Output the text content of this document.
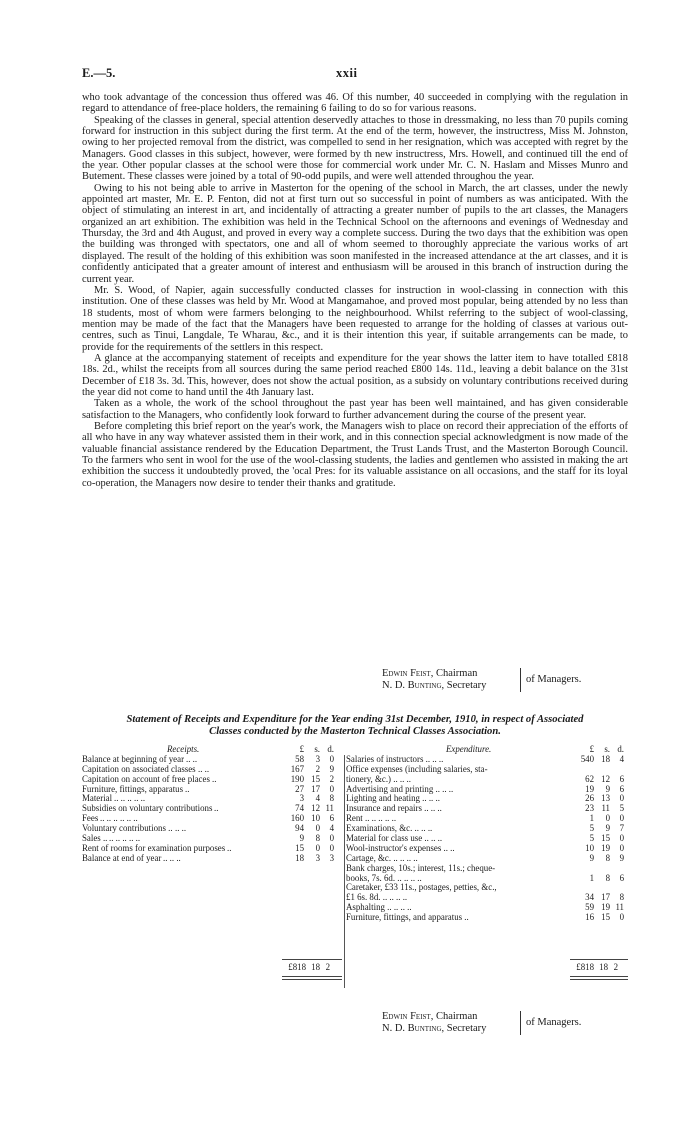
E.—5.	xxii

who took advantage of the concession thus offered was 46. Of this number, 40 succeeded in complying with the regulation in regard to attendance of free-place holders, the remaining 6 failing to do so for various reasons.

Speaking of the classes in general, special attention deservedly attaches to those in dressmaking, no less than 70 pupils coming forward for instruction in this subject during the first term. At the end of the term, however, the instructress, Miss M. Johnston, owing to her projected removal from the district, was compelled to send in her resignation, which was accepted with regret by the Managers. Good classes in this subject, however, were formed by th new instructress, Mrs. Howell, and continued till the end of the year. Other popular classes at the school were those for commercial work under Mr. C. N. Haslam and Misses Munro and Butement. These classes were joined by a total of 90-odd pupils, and were well attended throughou the year.

Owing to his not being able to arrive in Masterton for the opening of the school in March, the art classes, under the newly appointed art master, Mr. E. P. Fenton, did not at first turn out so successful in point of numbers as was anticipated. With the object of stimulating an interest in art, and incidentally of attracting a greater number of pupils to the art classes, the Managers organized an art exhibition. The exhibition was held in the Technical School on the afternoons and evenings of Wednesday and Thursday, the 3rd and 4th August, and proved in every way a complete success. During the two days that the exhibition was open the building was thronged with spectators, one and all of whom seemed to thoroughly appreciate the various works of art displayed. The result of the holding of this exhibition was soon manifested in the increased attendance at the art classes, and it is confidently anticipated that a greater amount of interest and enthusiasm will be aroused in this branch of instruction during the current year.

Mr. S. Wood, of Napier, again successfully conducted classes for instruction in wool-classing in connection with this institution. One of these classes was held by Mr. Wood at Mangamahoe, and proved most popular, being attended by no less than 18 students, most of whom were farmers belonging to the neighbourhood. Whilst referring to the subject of wool-classing, mention may be made of the fact that the Managers have been requested to arrange for the holding of classes at various out-centres, such as Tinui, Langdale, Te Wharau, &c., and it is their intention this year, if suitable arrangements can be made, to provide for the requirements of the settlers in this respect.

A glance at the accompanying statement of receipts and expenditure for the year shows the latter item to have totalled £818 18s. 2d., whilst the receipts from all sources during the same period reached £800 14s. 11d., leaving a debit balance on the 31st December of £18 3s. 3d. This, however, does not show the actual position, as a subsidy on voluntary contributions received during the year did not come to hand until the 4th January last.

Taken as a whole, the work of the school throughout the past year has been well maintained, and has given considerable satisfaction to the Managers, who confidently look forward to further advancement during the course of the present year.

Before completing this brief report on the year's work, the Managers wish to place on record their appreciation of the efforts of all who have in any way whatever assisted them in their work, and in this connection special acknowledgment is now made of the valuable financial assistance rendered by the Education Department, the Trust Lands Trust, and the Masterton Borough Council. To the farmers who sent in wool for the use of the wool-classing students, the ladies and gentlemen who assisted in making the art exhibition the success it undoubtedly proved, the 'ocal Pres: for its valuable assistance on all occasions, and the staff for its loyal co-operation, the Managers now desire to tender their thanks and gratitude.

Edwin Feist, Chairman
N. D. Bunting, Secretary
of Managers.
Statement of Receipts and Expenditure for the Year ending 31st December, 1910, in respect of Associated
Classes conducted by the Masterton Technical Classes Association.
Receipts.	£ s. d.
Balance at beginning of year .. ..	58 3 0
Capitation on associated classes .. ..	167 2 9
Capitation on account of free places ..	190 15 2
Furniture, fittings, apparatus ..	27 17 0
Material .. .. .. .. ..	3 4 8
Subsidies on voluntary contributions ..	74 12 11
Fees .. .. .. .. .. ..	160 10 6
Voluntary contributions .. .. ..	94 0 4
Sales .. .. .. .. .. ..	9 8 0
Rent of rooms for examination purposes ..	15 0 0
Balance at end of year .. .. ..	18 3 3
Expenditure.	£ s. d.
Salaries of instructors .. .. ..	540 18 4
Office expenses (including salaries, sta-
tionery, &c.) .. .. ..	62 12 6
Advertising and printing .. .. ..	19 9 6
Lighting and heating .. .. ..	26 13 0
Insurance and repairs .. .. ..	23 11 5
Rent .. .. .. .. ..	1 0 0
Examinations, &c. .. .. ..	5 9 7
Material for class use .. .. ..	5 15 0
Wool-instructor's expenses .. ..	10 19 0
Cartage, &c. .. .. .. ..	9 8 9
Bank charges, 10s.; interest, 11s.; cheque-
books, 7s. 6d. .. .. .. ..	1 8 6
Caretaker, £33 11s., postages, petties, &c.,
£1 6s. 8d. .. .. .. ..	34 17 8
Asphalting .. .. .. ..	59 19 11
Furniture, fittings, and apparatus ..	16 15 0
£818 18 2	£818 18 2
Edwin Feist, Chairman
N. D. Bunting, Secretary
of Managers.
